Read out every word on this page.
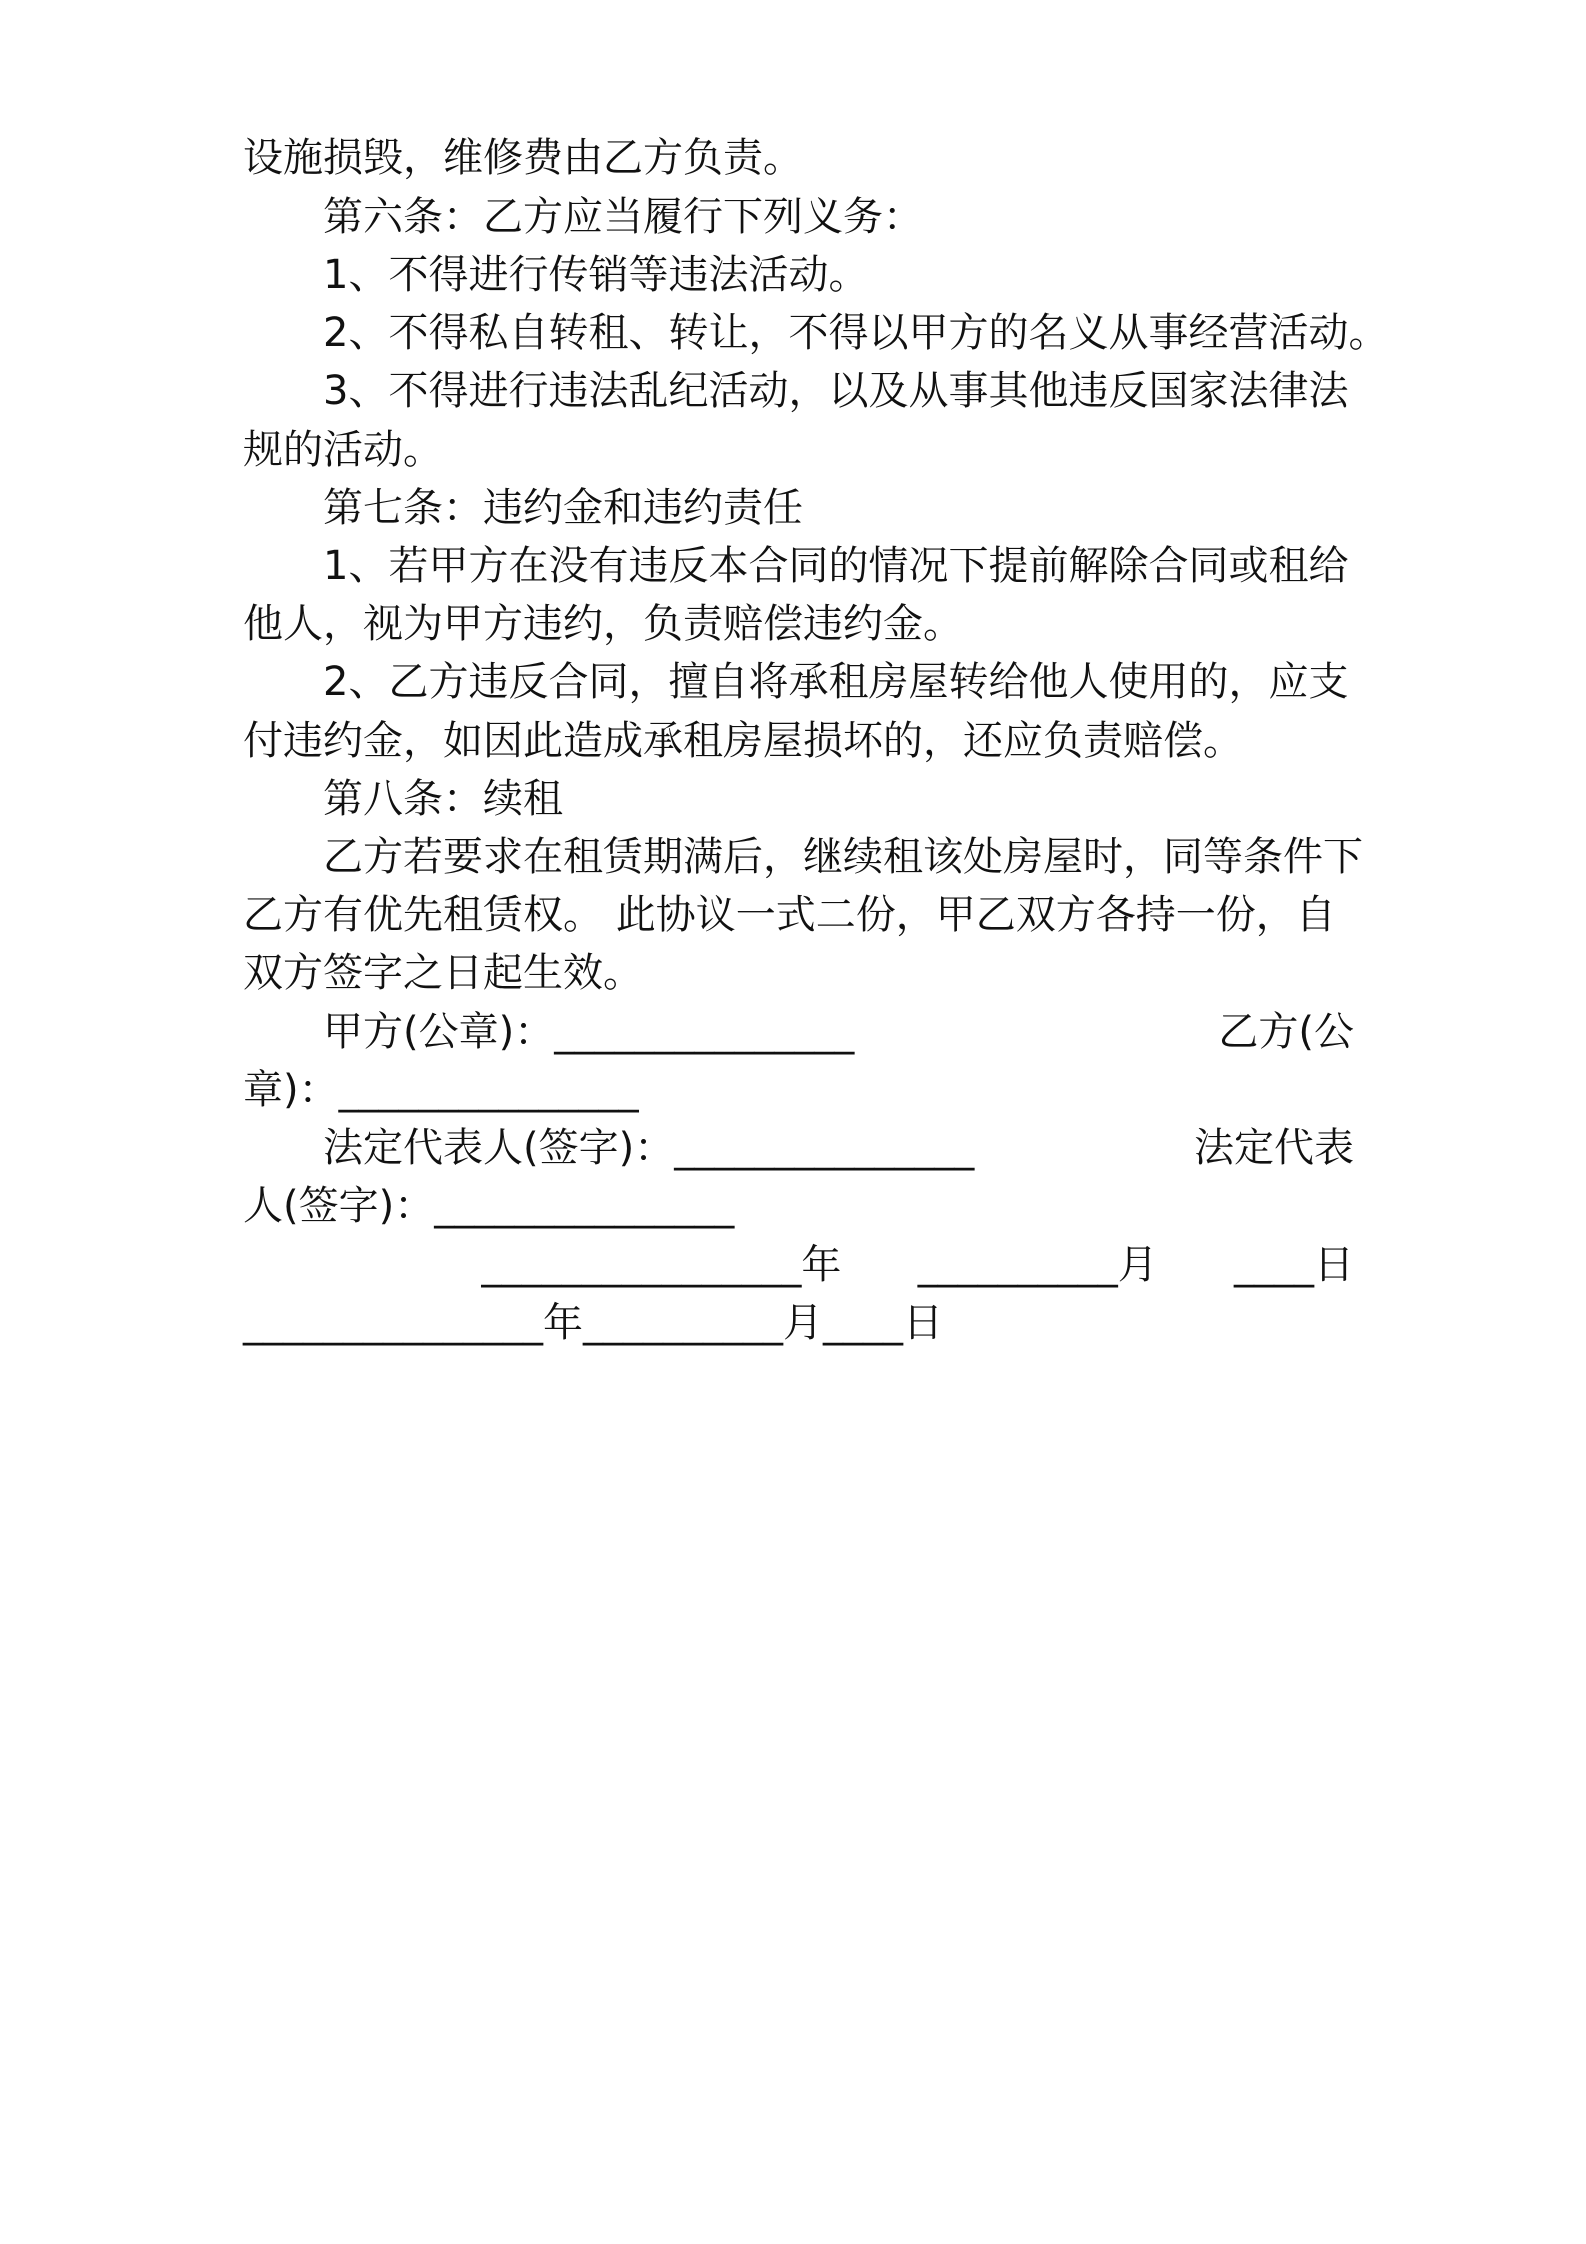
设施损毁，维修费由乙方负责。
第六条：乙方应当履行下列义务：
1、不得进行传销等违法活动。
2、不得私自转租、转让，不得以甲方的名义从事经营活动。
3、不得进行违法乱纪活动，以及从事其他违反国家法律法
规的活动。
第七条：违约金和违约责任
1、若甲方在没有违反本合同的情况下提前解除合同或租给
他人，视为甲方违约，负责赔偿违约金。
2、乙方违反合同，擅自将承租房屋转给他人使用的，应支
付违约金，如因此造成承租房屋损坏的，还应负责赔偿。
第八条：续租
乙方若要求在租赁期满后，继续租该处房屋时，同等条件下
乙方有优先租赁权。 此协议一式二份，甲乙双方各持一份，自
双方签字之日起生效。
甲方(公章)：_______________	乙方(公
章)：_______________
法定代表人(签字)：_______________	法定代表
人(签字)：_______________
________________年      __________月      ____日
_______________年__________月____日
